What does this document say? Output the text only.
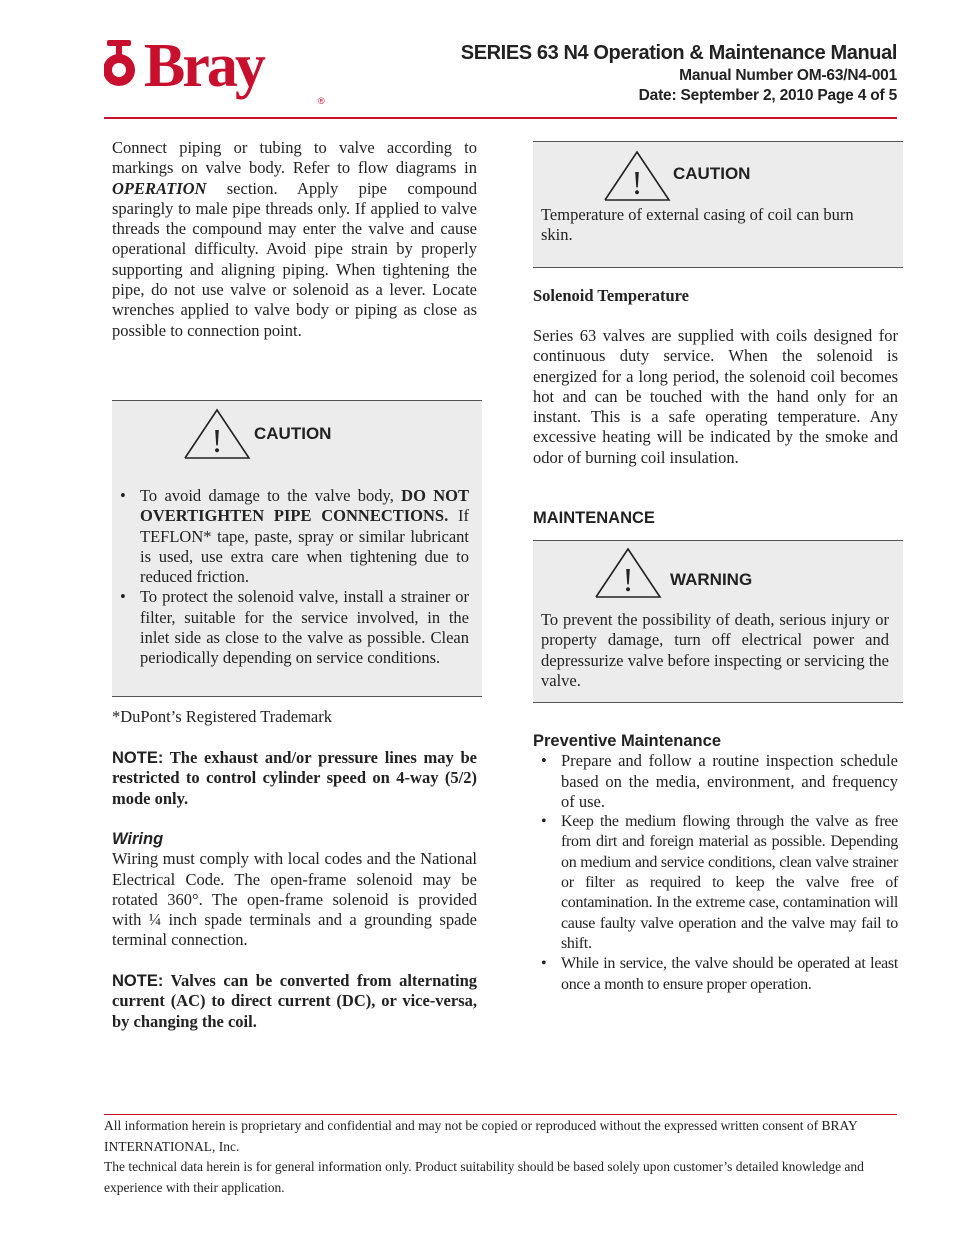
Bray
®
SERIES 63 N4 Operation & Maintenance Manual
Manual Number OM-63/N4-001
Date: September 2, 2010 Page 4 of 5
Connect piping or tubing to valve according to markings on valve body. Refer to flow diagrams in OPERATION section. Apply pipe compound sparingly to male pipe threads only. If applied to valve threads the compound may enter the valve and cause operational difficulty. Avoid pipe strain by properly supporting and aligning piping. When tightening the pipe, do not use valve or solenoid as a lever. Locate wrenches applied to valve body or piping as close as possible to connection point.
! CAUTION
• To avoid damage to the valve body, DO NOT OVERTIGHTEN PIPE CONNECTIONS. If TEFLON* tape, paste, spray or similar lubricant is used, use extra care when tightening due to reduced friction.
• To protect the solenoid valve, install a strainer or filter, suitable for the service involved, in the inlet side as close to the valve as possible. Clean periodically depending on service conditions.
*DuPont’s Registered Trademark
NOTE: The exhaust and/or pressure lines may be restricted to control cylinder speed on 4-way (5/2) mode only.
Wiring
Wiring must comply with local codes and the National Electrical Code. The open-frame solenoid may be rotated 360°. The open-frame solenoid is provided with ¼ inch spade terminals and a grounding spade terminal connection.
NOTE: Valves can be converted from alternating current (AC) to direct current (DC), or vice-versa, by changing the coil.
! CAUTION
Temperature of external casing of coil can burn skin.
Solenoid Temperature
Series 63 valves are supplied with coils designed for continuous duty service. When the solenoid is energized for a long period, the solenoid coil becomes hot and can be touched with the hand only for an instant. This is a safe operating temperature. Any excessive heating will be indicated by the smoke and odor of burning coil insulation.
MAINTENANCE
! WARNING
To prevent the possibility of death, serious injury or property damage, turn off electrical power and depressurize valve before inspecting or servicing the valve.
Preventive Maintenance
• Prepare and follow a routine inspection schedule based on the media, environment, and frequency of use.
• Keep the medium flowing through the valve as free from dirt and foreign material as possible. Depending on medium and service conditions, clean valve strainer or filter as required to keep the valve free of contamination. In the extreme case, contamination will cause faulty valve operation and the valve may fail to shift.
• While in service, the valve should be operated at least once a month to ensure proper operation.
All information herein is proprietary and confidential and may not be copied or reproduced without the expressed written consent of BRAY INTERNATIONAL, Inc.
The technical data herein is for general information only. Product suitability should be based solely upon customer’s detailed knowledge and experience with their application.
